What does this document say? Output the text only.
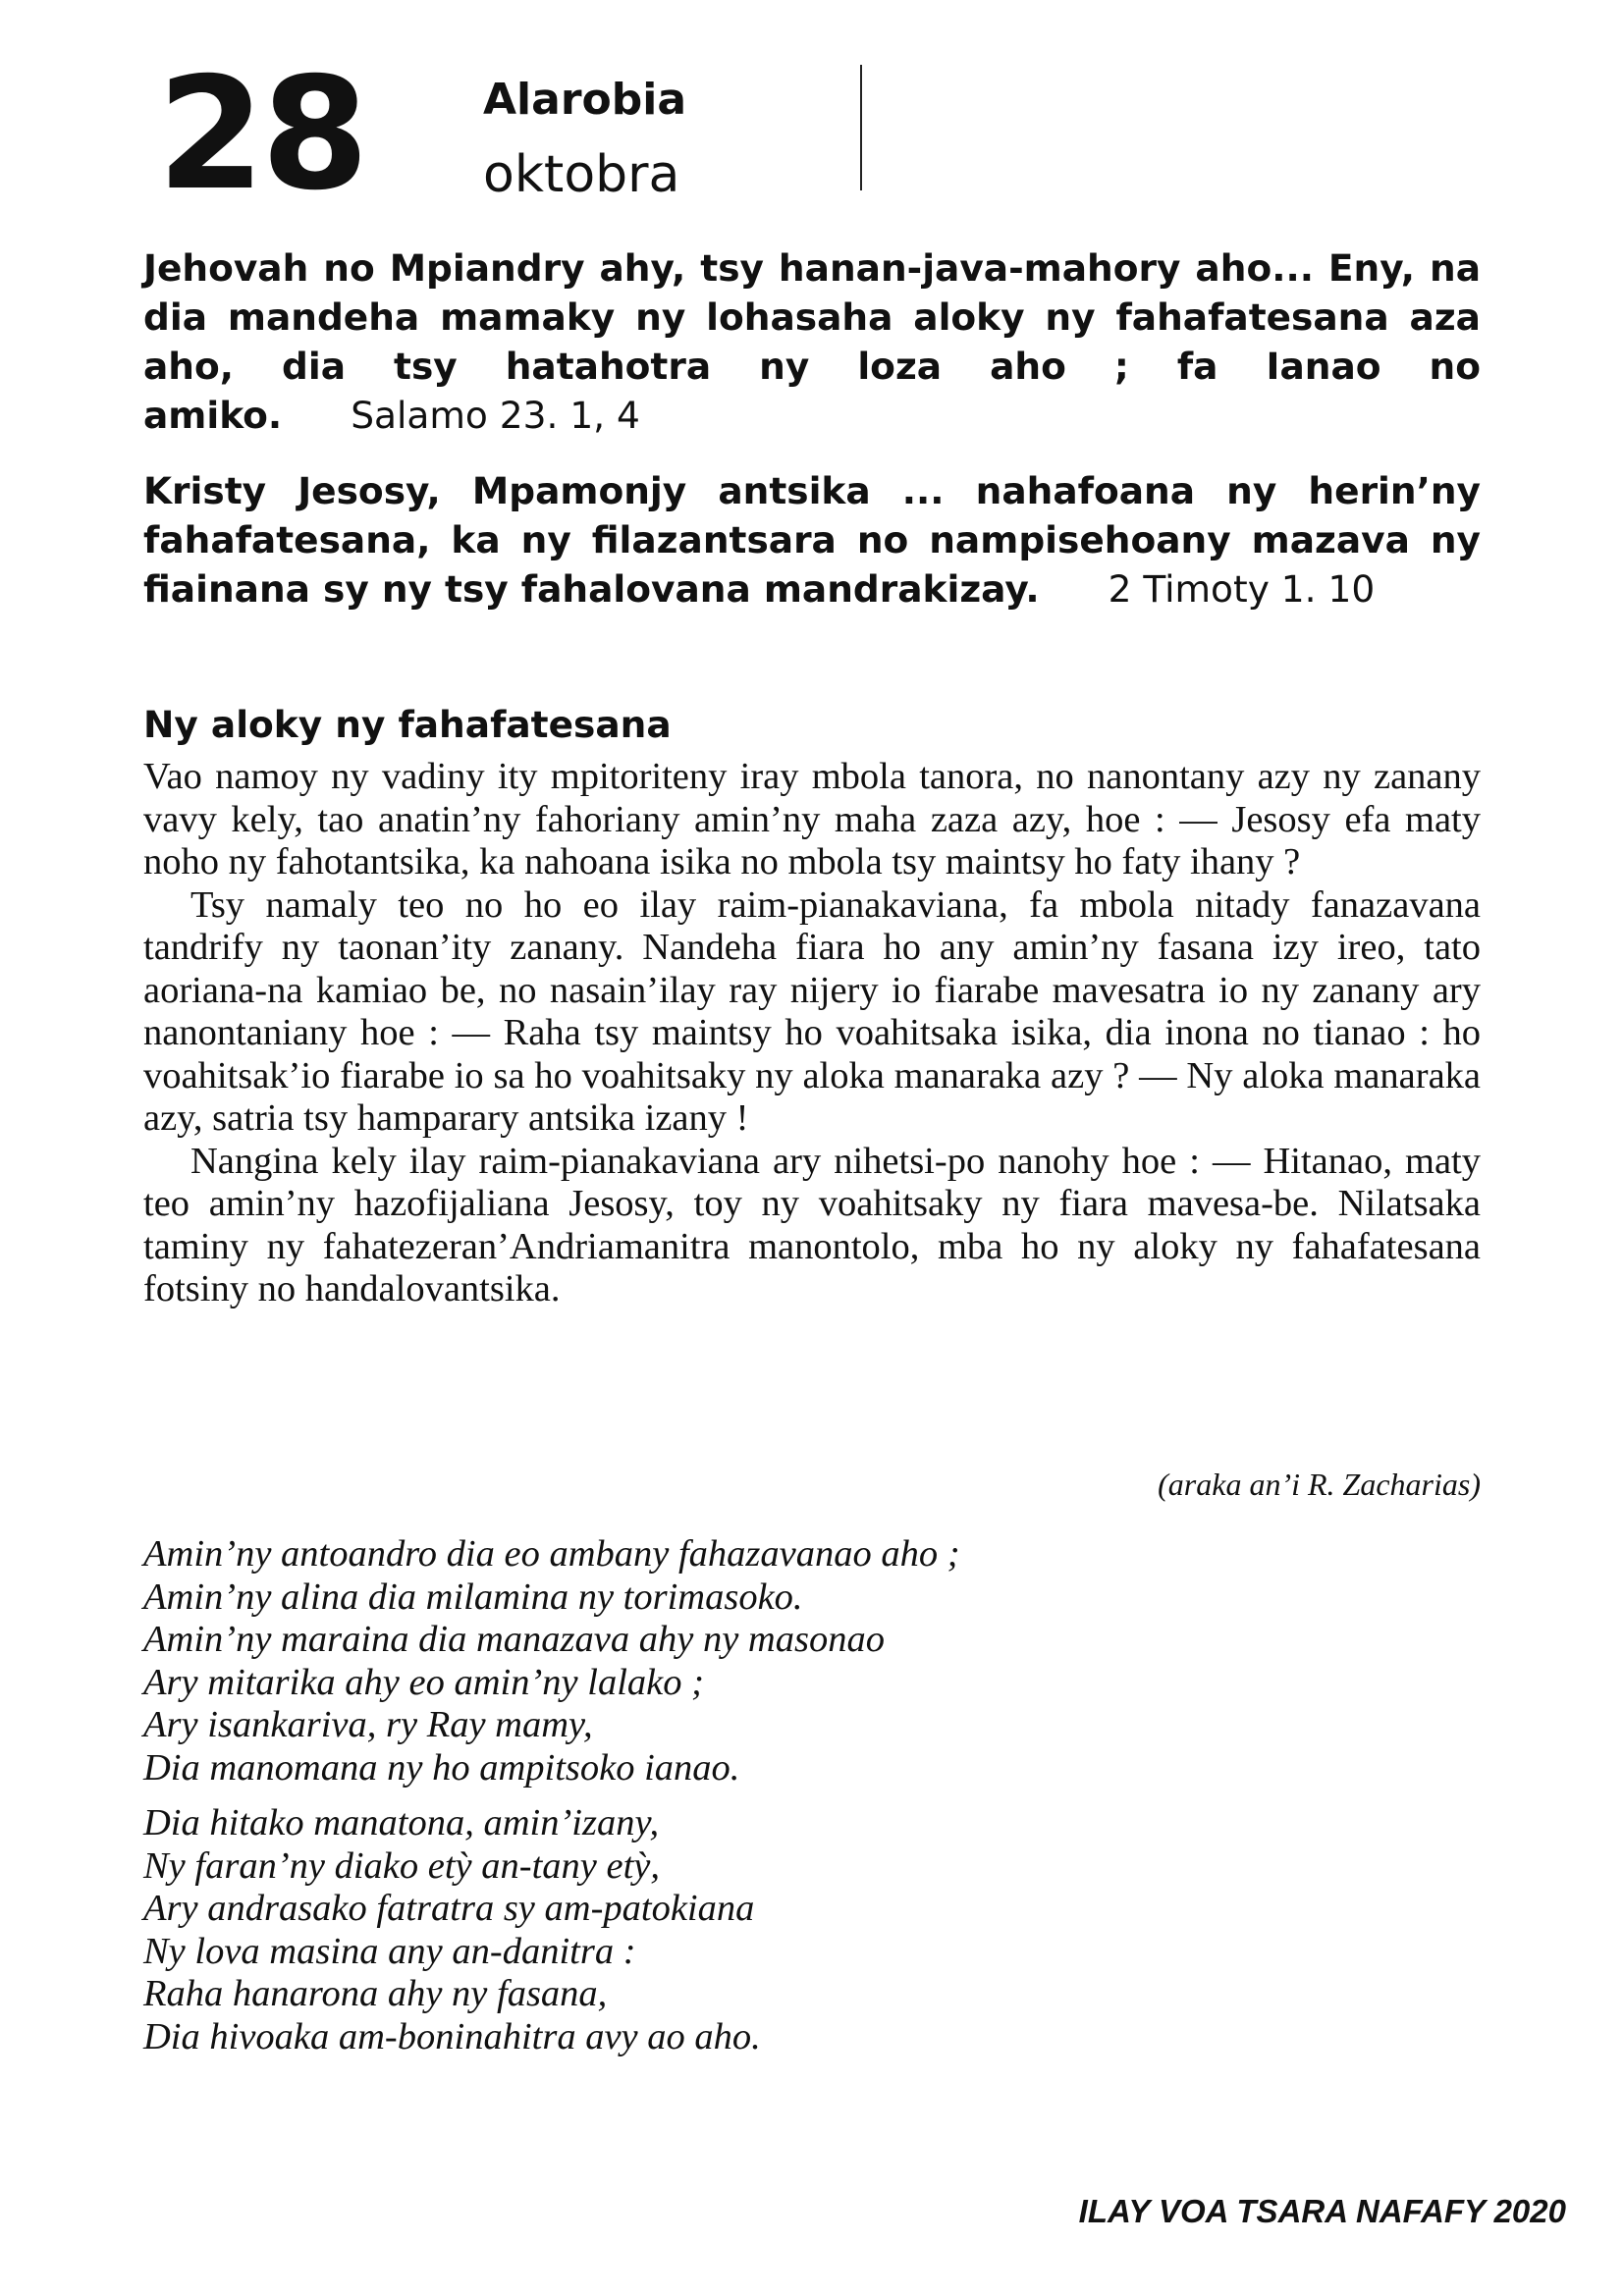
28	Alarobia
oktobra
Jehovah no Mpiandry ahy, tsy hanan-java-mahory aho... Eny, na dia mandeha mamaky ny lohasaha aloky ny fahafatesana aza aho, dia tsy hatahotra ny loza aho ; fa Ianao no amiko. Salamo 23. 1, 4
Kristy Jesosy, Mpamonjy antsika ... nahafoana ny herin’ny fahafatesana, ka ny filazantsara no nampisehoany mazava ny fiainana sy ny tsy fahalovana mandrakizay. 2 Timoty 1. 10
Ny aloky ny fahafatesana

Vao namoy ny vadiny ity mpitoriteny iray mbola tanora, no nanontany azy ny zanany vavy kely, tao anatin’ny fahoriany amin’ny maha zaza azy, hoe : — Jesosy efa maty noho ny fahotantsika, ka nahoana isika no mbola tsy maintsy ho faty ihany ?

Tsy namaly teo no ho eo ilay raim-pianakaviana, fa mbola nitady fanazavana tandrify ny taonan’ity zanany. Nandeha fiara ho any amin’ny fasana izy ireo, tato aoriana-na kamiao be, no nasain’ilay ray nijery io fiarabe mavesatra io ny zanany ary nanontaniany hoe : — Raha tsy maintsy ho voahitsaka isika, dia inona no tianao : ho voahitsak’io fiarabe io sa ho voahitsaky ny aloka manaraka azy ? — Ny aloka manaraka azy, satria tsy hamparary antsika izany !

Nangina kely ilay raim-pianakaviana ary nihetsi-po nanohy hoe : — Hitanao, maty teo amin’ny hazofijaliana Jesosy, toy ny voahitsaky ny fiara mavesa-be. Nilatsaka taminy ny fahatezeran’Andriamanitra manontolo, mba ho ny aloky ny fahafatesana fotsiny no handalovantsika.

(araka an’i R. Zacharias)
Amin’ny antoandro dia eo ambany fahazavanao aho ;
Amin’ny alina dia milamina ny torimasoko.
Amin’ny maraina dia manazava ahy ny masonao
Ary mitarika ahy eo amin’ny lalako ;
Ary isankariva, ry Ray mamy,
Dia manomana ny ho ampitsoko ianao.
Dia hitako manatona, amin’izany,
Ny faran’ny diako etỳ an-tany etỳ,
Ary andrasako fatratra sy am-patokiana
Ny lova masina any an-danitra :
Raha hanarona ahy ny fasana,
Dia hivoaka am-boninahitra avy ao aho.
ILAY VOA TSARA NAFAFY 2020
